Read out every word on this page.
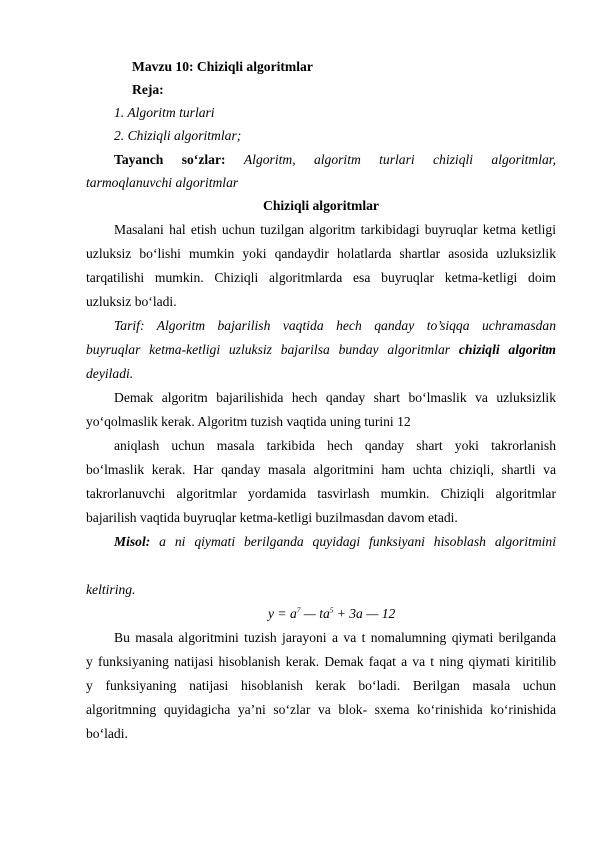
Mavzu 10: Chiziqli algoritmlar
Reja:
1. Algoritm turlari
2. Chiziqli algoritmlar;
Tayanch so‘zlar: Algoritm, algoritm turlari chiziqli algoritmlar,
tarmoqlanuvchi algoritmlar
Chiziqli algoritmlar
Masalani hal etish uchun tuzilgan algoritm tarkibidagi buyruqlar ketma ketligi
uzluksiz bo‘lishi mumkin yoki qandaydir holatlarda shartlar asosida uzluksizlik
tarqatilishi mumkin. Chiziqli algoritmlarda esa buyruqlar ketma-ketligi doim
uzluksiz bo‘ladi.
Tarif: Algoritm bajarilish vaqtida hech qanday to’siqqa uchramasdan
buyruqlar ketma-ketligi uzluksiz bajarilsa bunday algoritmlar chiziqli algoritm
deyiladi.
Demak algoritm bajarilishida hech qanday shart bo‘lmaslik va uzluksizlik
yo‘qolmaslik kerak. Algoritm tuzish vaqtida uning turini 12
aniqlash uchun masala tarkibida hech qanday shart yoki takrorlanish
bo‘lmaslik kerak. Har qanday masala algoritmini ham uchta chiziqli, shartli va
takrorlanuvchi algoritmlar yordamida tasvirlash mumkin. Chiziqli algoritmlar
bajarilish vaqtida buyruqlar ketma-ketligi buzilmasdan davom etadi.
Misol: a ni qiymati berilganda quyidagi funksiyani hisoblash algoritmini
keltiring.
$y = a^7$ — $ta^5 + 3a$ — 12
Bu masala algoritmini tuzish jarayoni a va t nomalumning qiymati berilganda
y funksiyaning natijasi hisoblanish kerak. Demak faqat a va t ning qiymati kiritilib
y funksiyaning natijasi hisoblanish kerak bo‘ladi. Berilgan masala uchun
algoritmning quyidagicha ya’ni so‘zlar va blok- sxema ko‘rinishida ko‘rinishida
bo‘ladi.
